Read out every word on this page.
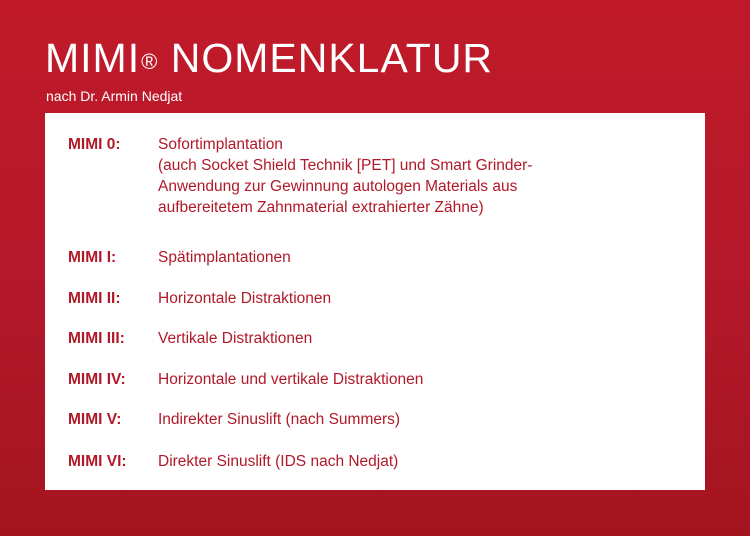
MIMI® NOMENKLATUR
nach Dr. Armin Nedjat
MIMI 0: Sofortimplantation
(auch Socket Shield Technik [PET] und Smart Grinder-
Anwendung zur Gewinnung autologen Materials aus
aufbereitetem Zahnmaterial extrahierter Zähne)
MIMI I:	Spätimplantationen
MIMI II: Horizontale Distraktionen
MIMI III: Vertikale Distraktionen
MIMI IV: Horizontale und vertikale Distraktionen
MIMI V: Indirekter Sinuslift (nach Summers)
MIMI VI: Direkter Sinuslift (IDS nach Nedjat)
